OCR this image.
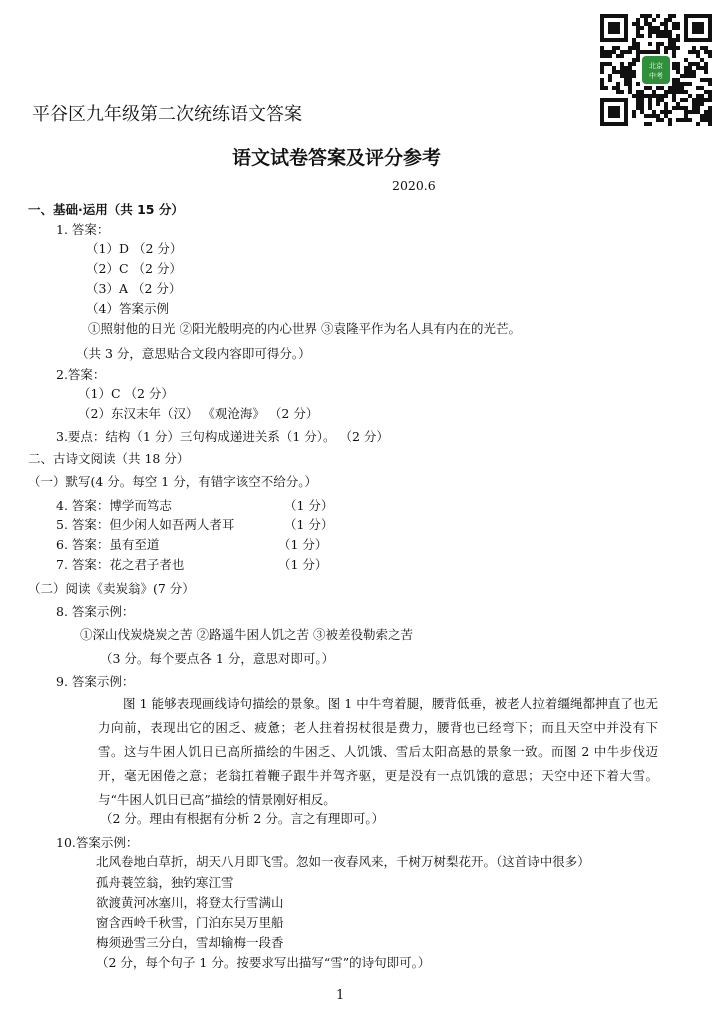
北京
中考
平谷区九年级第二次统练语文答案
语文试卷答案及评分参考
2020.6
一、基础·运用（共 15 分）
1. 答案：
（1）D （2 分）
（2）C （2 分）
（3）A （2 分）
（4）答案示例
①照射他的日光 ②阳光般明亮的内心世界 ③袁隆平作为名人具有内在的光芒。
（共 3 分，意思贴合文段内容即可得分。）
2.答案：
（1）C （2 分）
（2）东汉末年（汉） 《观沧海》 （2 分）
3.要点：结构（1 分）三句构成递进关系（1 分）。 （2 分）
二、古诗文阅读（共 18 分）
（一）默写(4 分。每空 1 分，有错字该空不给分。）
4. 答案：博学而笃志	（1 分）
5. 答案：但少闲人如吾两人者耳	（1 分）
6. 答案：虽有至道	（1 分）
7. 答案：花之君子者也	（1 分）
（二）阅读《卖炭翁》(7 分）
8. 答案示例：
①深山伐炭烧炭之苦 ②路遥牛困人饥之苦 ③被差役勒索之苦
（3 分。每个要点各 1 分，意思对即可。）
9. 答案示例：
图 1 能够表现画线诗句描绘的景象。图 1 中牛弯着腿，腰背低垂，被老人拉着缰绳都抻直了也无力向前，表现出它的困乏、疲惫；老人拄着拐杖很是费力，腰背也已经弯下；而且天空中并没有下雪。这与牛困人饥日已高所描绘的牛困乏、人饥饿、雪后太阳高悬的景象一致。而图 2 中牛步伐迈开，毫无困倦之意；老翁扛着鞭子跟牛并驾齐驱，更是没有一点饥饿的意思；天空中还下着大雪。与“牛困人饥日已高”描绘的情景刚好相反。
（2 分。理由有根据有分析 2 分。言之有理即可。）
10.答案示例：
北风卷地白草折，胡天八月即飞雪。忽如一夜春风来，千树万树梨花开。（这首诗中很多）
孤舟蓑笠翁，独钓寒江雪
欲渡黄河冰塞川，将登太行雪满山
窗含西岭千秋雪，门泊东吴万里船
梅须逊雪三分白，雪却输梅一段香
（2 分，每个句子 1 分。按要求写出描写“雪”的诗句即可。）
1
